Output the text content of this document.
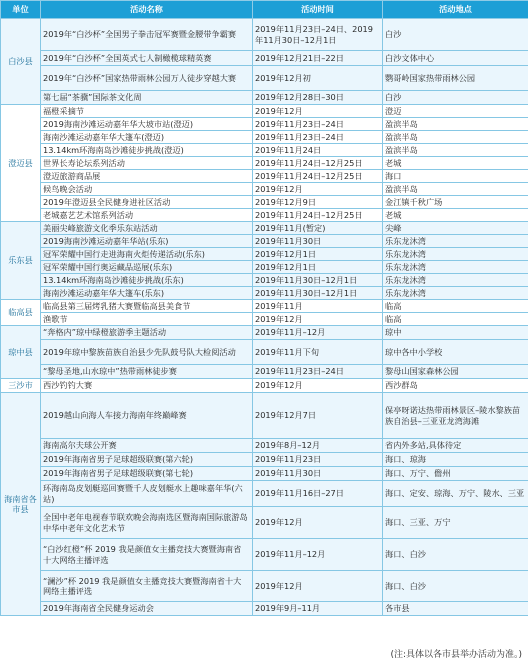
单位	活动名称	活动时间	活动地点
白沙县	2019年“白沙杯”全国男子拳击冠军赛暨金腰带争霸赛	2019年11月23日–24日、2019年11月30日–12月1日	白沙
	2019年“白沙杯”全国英式七人制橄榄球精英赛	2019年12月21日–22日	白沙文体中心
	2019年“白沙杯”国家热带雨林公园万人徒步穿越大赛	2019年12月初	鹦哥岭国家热带雨林公园
	第七届“茶骥”国际茶文化周	2019年12月28日–30日	白沙
澄迈县	福橙采摘节	2019年12月	澄迈
	2019海南沙滩运动嘉年华大坡市站(澄迈)	2019年11月23日–24日	盈滨半岛
	海南沙滩运动嘉年华大篷车(澄迈)	2019年11月23日–24日	盈滨半岛
	13.14km环海南岛沙滩徒步挑战(澄迈)	2019年11月24日	盈滨半岛
	世界长寿论坛系列活动	2019年11月24日–12月25日	老城
	澄迈旅游商品展	2019年11月24日–12月25日	海口
	候鸟晚会活动	2019年12月	盈滨半岛
	2019年澄迈县全民健身进社区活动	2019年12月9日	金江镇千秋广场
	老城嘉艺艺术馆系列活动	2019年11月24日–12月25日	老城
乐东县	美丽尖峰旅游文化季乐东站活动	2019年11月(暂定)	尖峰
	2019海南沙滩运动嘉年华站(乐东)	2019年11月30日	乐东龙沐湾
	冠军荣耀中国行走进海南火炬传递活动(乐东)	2019年12月1日	乐东龙沐湾
	冠军荣耀中国行奥运藏品巡展(乐东)	2019年12月1日	乐东龙沐湾
	13.14km环海南岛沙滩徒步挑战(乐东)	2019年11月30日–12月1日	乐东龙沐湾
	海南沙滩运动嘉年华大篷车(乐东)	2019年11月30日–12月1日	乐东龙沐湾
临高县	临高县第三届烤乳猪大赛暨临高县美食节	2019年11月	临高
	渔歌节	2019年12月	临高
琼中县	“奔格内”琼中绿橙旅游季主题活动	2019年11月–12月	琼中
	2019年琼中黎族苗族自治县少先队鼓号队大检阅活动	2019年11月下旬	琼中各中小学校
	“黎母圣地,山水琼中”热带雨林徒步赛	2019年11月23日–24日	黎母山国家森林公园
三沙市	西沙钓钓大赛	2019年12月	西沙群岛
海南省各市县	2019越山向海人车接力海南年终巅峰赛	2019年12月7日	保亭呀诺达热带雨林景区–陵水黎族苗族自治县–三亚亚龙湾海滩
	海南高尔夫球公开赛	2019年8月–12月	省内外多站,具体待定
	2019年海南省男子足球超级联赛(第六轮)	2019年11月23日	海口、琼海
	2019年海南省男子足球超级联赛(第七轮)	2019年11月30日	海口、万宁、儋州
	环海南岛皮划艇巡回赛暨千人皮划艇水上趣味嘉年华(六站)	2019年11月16日–27日	海口、定安、琼海、万宁、陵水、三亚
	全国中老年电视春节联欢晚会海南选区暨海南国际旅游岛中华中老年文化艺术节	2019年12月	海口、三亚、万宁
	“白沙红橙”杯 2019 我是颜值女主播竞技大赛暨海南省 十大网络主播评选	2019年11月–12月	海口、白沙
	“澜沙”杯 2019 我是颜值女主播竞技大赛暨海南省十大 网络主播评选	2019年12月	海口、白沙
	2019年海南省全民健身运动会	2019年9月–11月	各市县
(注:具体以各市县举办活动为准。)
